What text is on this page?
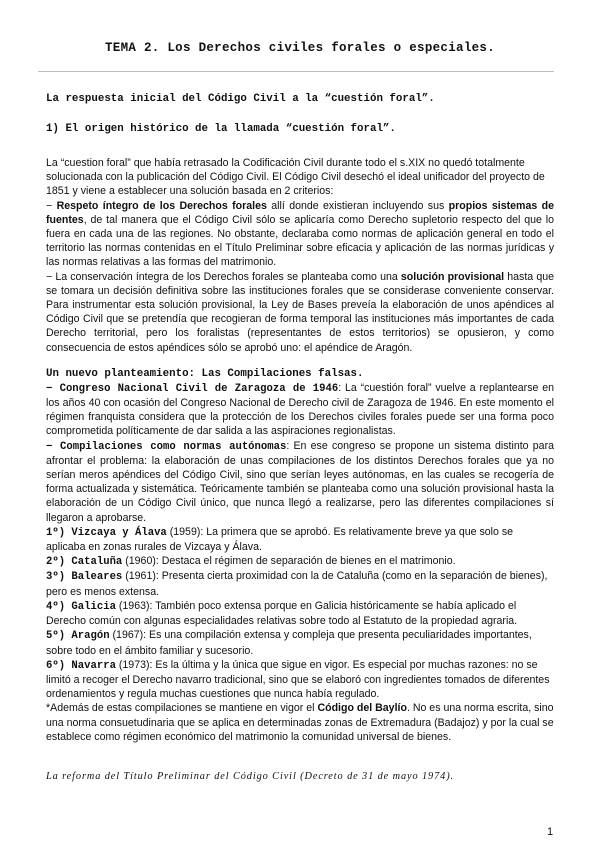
TEMA 2. Los Derechos civiles forales o especiales.

La respuesta inicial del Código Civil a la “cuestión foral”.

1) El origen histórico de la llamada “cuestión foral”.

La “cuestion foral” que había retrasado la Codificación Civil durante todo el s.XIX no quedó totalmente solucionada con la publicación del Código Civil. El Código Civil desechó el ideal unificador del proyecto de 1851 y viene a establecer una solución basada en 2 criterios:

− Respeto íntegro de los Derechos forales allí donde existieran incluyendo sus propios sistemas de fuentes, de tal manera que el Código Civil sólo se aplicaría como Derecho supletorio respecto del que lo fuera en cada una de las regiones. No obstante, declaraba como normas de aplicación general en todo el territorio las normas contenidas en el Título Preliminar sobre eficacia y aplicación de las normas jurídicas y las normas relativas a las formas del matrimonio.

− La conservación íntegra de los Derechos forales se planteaba como una solución provisional hasta que se tomara un decisión definitiva sobre las instituciones forales que se considerase conveniente conservar. Para instrumentar esta solución provisional, la Ley de Bases preveía la elaboración de unos apéndices al Código Civil que se pretendía que recogieran de forma temporal las instituciones más importantes de cada Derecho territorial, pero los foralistas (representantes de estos territorios) se opusieron, y como consecuencia de estos apéndices sólo se aprobó uno: el apéndice de Aragón.

Un nuevo planteamiento: Las Compilaciones falsas.

− Congreso Nacional Civil de Zaragoza de 1946: La “cuestión foral” vuelve a replantearse en los años 40 con ocasión del Congreso Nacional de Derecho civil de Zaragoza de 1946. En este momento el régimen franquista considera que la protección de los Derechos civiles forales puede ser una forma poco comprometida políticamente de dar salida a las aspiraciones regionalistas.

− Compilaciones como normas autónomas: En ese congreso se propone un sistema distinto para afrontar el problema: la elaboración de unas compilaciones de los distintos Derechos forales que ya no serían meros apéndices del Código Civil, sino que serían leyes autónomas, en las cuales se recogería de forma actualizada y sistemática. Teóricamente también se planteaba como una solución provisional hasta la elaboración de un Código Civil único, que nunca llegó a realizarse, pero las diferentes compilaciones sí llegaron a aprobarse.

1º) Vizcaya y Álava (1959): La primera que se aprobó. Es relativamente breve ya que solo se aplicaba en zonas rurales de Vizcaya y Álava.

2º) Cataluña (1960): Destaca el régimen de separación de bienes en el matrimonio.

3º) Baleares (1961): Presenta cierta proximidad con la de Cataluña (como en la separación de bienes), pero es menos extensa.

4º) Galicia (1963): También poco extensa porque en Galicia históricamente se había aplicado el Derecho común con algunas especialidades relativas sobre todo al Estatuto de la propiedad agraria.

5º) Aragón (1967): Es una compilación extensa y compleja que presenta peculiaridades importantes, sobre todo en el ámbito familiar y sucesorio.

6º) Navarra (1973): Es la última y la única que sigue en vigor. Es especial por muchas razones: no se limitó a recoger el Derecho navarro tradicional, sino que se elaboró con ingredientes tomados de diferentes ordenamientos y regula muchas cuestiones que nunca había regulado.

*Además de estas compilaciones se mantiene en vigor el Código del Baylío. No es una norma escrita, sino una norma consuetudinaria que se aplica en determinadas zonas de Extremadura (Badajoz) y por la cual se establece como régimen económico del matrimonio la comunidad universal de bienes.

La reforma del Título Preliminar del Código Civil (Decreto de 31 de mayo 1974).
1
